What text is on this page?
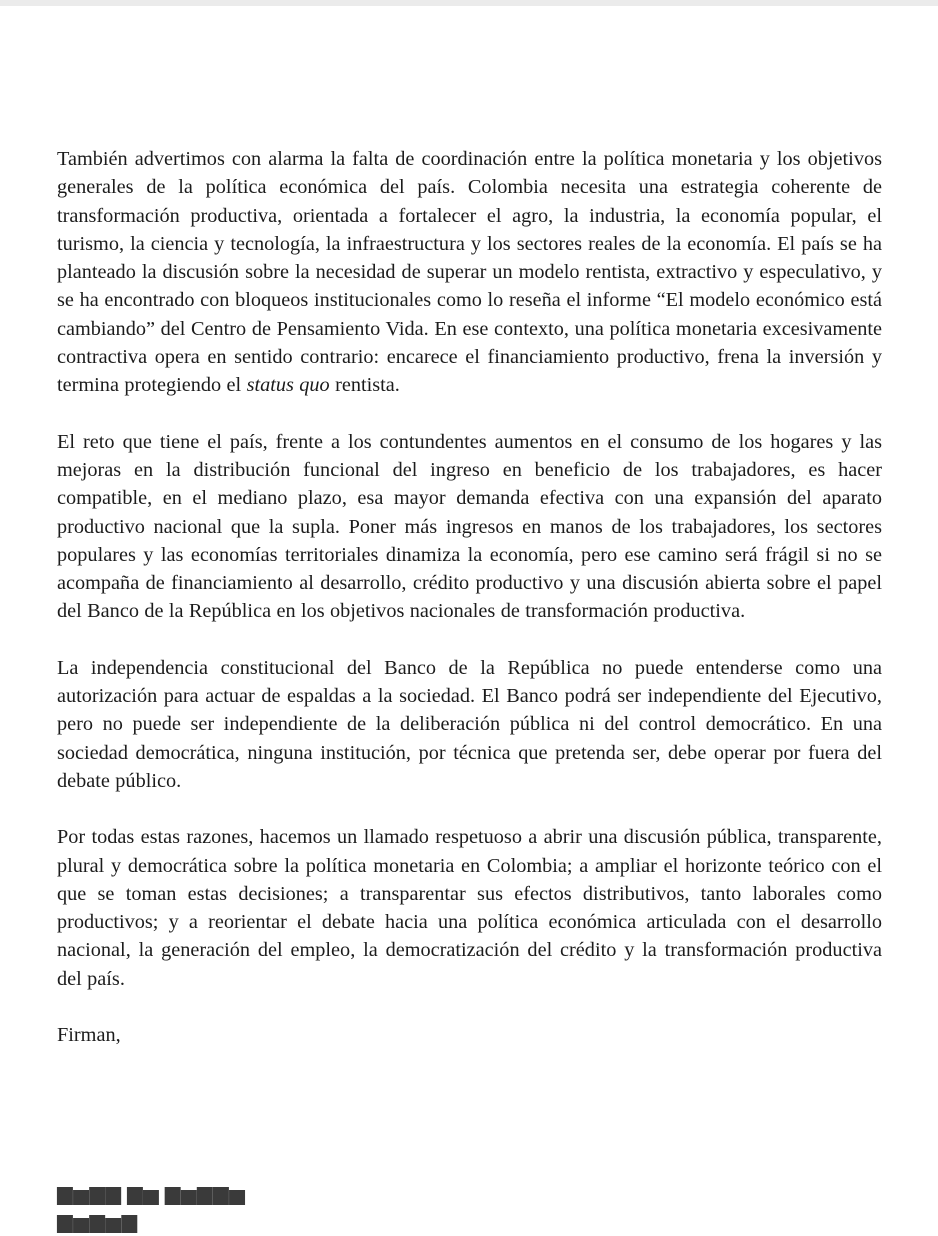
También advertimos con alarma la falta de coordinación entre la política monetaria y los objetivos generales de la política económica del país. Colombia necesita una estrategia coherente de transformación productiva, orientada a fortalecer el agro, la industria, la economía popular, el turismo, la ciencia y tecnología, la infraestructura y los sectores reales de la economía. El país se ha planteado la discusión sobre la necesidad de superar un modelo rentista, extractivo y especulativo, y se ha encontrado con bloqueos institucionales como lo reseña el informe “El modelo económico está cambiando” del Centro de Pensamiento Vida. En ese contexto, una política monetaria excesivamente contractiva opera en sentido contrario: encarece el financiamiento productivo, frena la inversión y termina protegiendo el status quo rentista.

El reto que tiene el país, frente a los contundentes aumentos en el consumo de los hogares y las mejoras en la distribución funcional del ingreso en beneficio de los trabajadores, es hacer compatible, en el mediano plazo, esa mayor demanda efectiva con una expansión del aparato productivo nacional que la supla. Poner más ingresos en manos de los trabajadores, los sectores populares y las economías territoriales dinamiza la economía, pero ese camino será frágil si no se acompaña de financiamiento al desarrollo, crédito productivo y una discusión abierta sobre el papel del Banco de la República en los objetivos nacionales de transformación productiva.

La independencia constitucional del Banco de la República no puede entenderse como una autorización para actuar de espaldas a la sociedad. El Banco podrá ser independiente del Ejecutivo, pero no puede ser independiente de la deliberación pública ni del control democrático. En una sociedad democrática, ninguna institución, por técnica que pretenda ser, debe operar por fuera del debate público.

Por todas estas razones, hacemos un llamado respetuoso a abrir una discusión pública, transparente, plural y democrática sobre la política monetaria en Colombia; a ampliar el horizonte teórico con el que se toman estas decisiones; a transparentar sus efectos distributivos, tanto laborales como productivos; y a reorientar el debate hacia una política económica articulada con el desarrollo nacional, la generación del empleo, la democratización del crédito y la transformación productiva del país.

Firman,

▆▅▆▆ ▆▅ ▆▅▆▆▅ ▆▅▆▅▆
